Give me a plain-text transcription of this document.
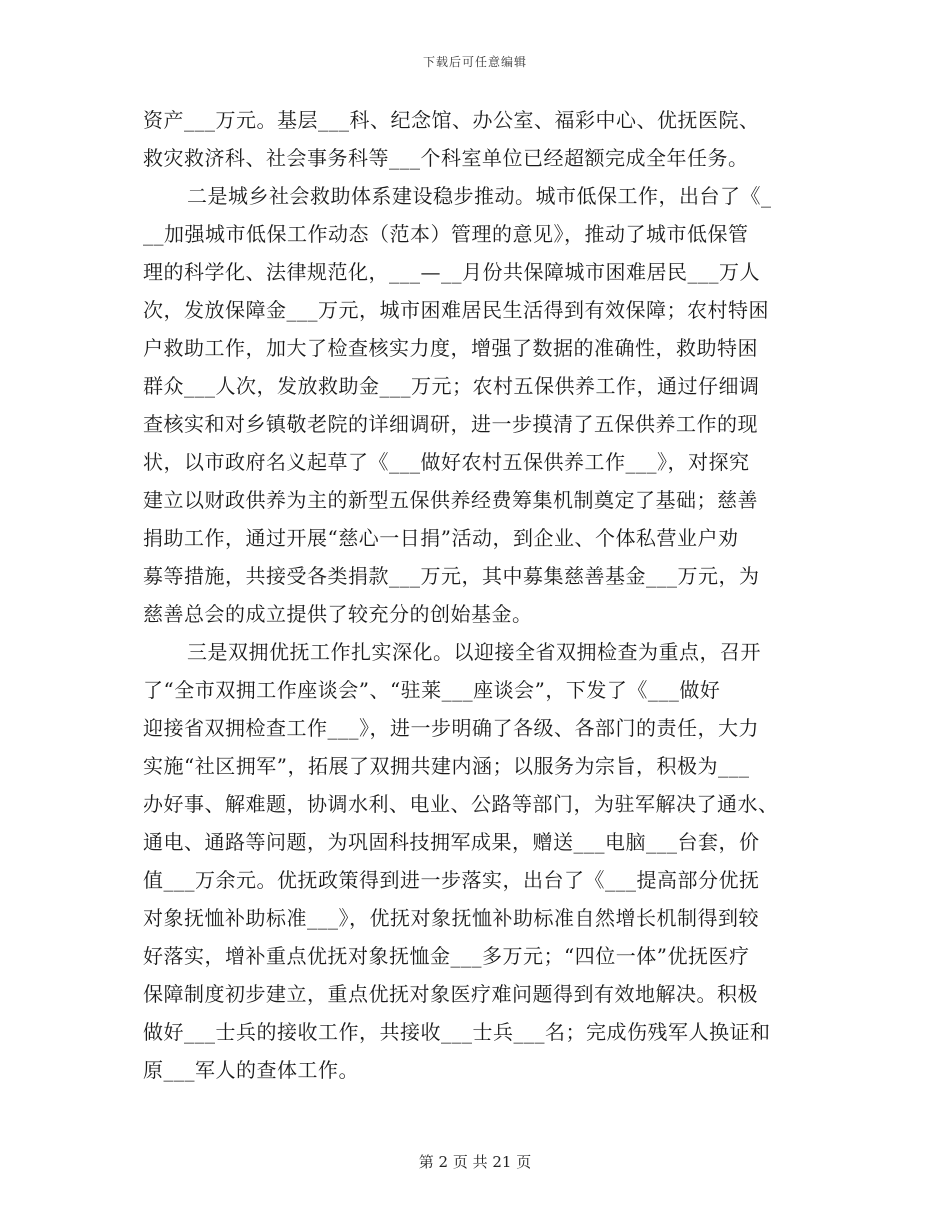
下载后可任意编辑
资产___万元。基层___科、纪念馆、办公室、福彩中心、优抚医院、
救灾救济科、社会事务科等___个科室单位已经超额完成全年任务。
二是城乡社会救助体系建设稳步推动。城市低保工作，出台了《_
__加强城市低保工作动态（范本）管理的意见》，推动了城市低保管
理的科学化、法律规范化，___—__月份共保障城市困难居民___万人
次，发放保障金___万元，城市困难居民生活得到有效保障；农村特困
户救助工作，加大了检查核实力度，增强了数据的准确性，救助特困
群众___人次，发放救助金___万元；农村五保供养工作，通过仔细调
查核实和对乡镇敬老院的详细调研，进一步摸清了五保供养工作的现
状，以市政府名义起草了《___做好农村五保供养工作___》，对探究
建立以财政供养为主的新型五保供养经费筹集机制奠定了基础；慈善
捐助工作，通过开展“慈心一日捐”活动，到企业、个体私营业户劝
募等措施，共接受各类捐款___万元，其中募集慈善基金___万元，为
慈善总会的成立提供了较充分的创始基金。
三是双拥优抚工作扎实深化。以迎接全省双拥检查为重点，召开
了“全市双拥工作座谈会”、“驻莱___座谈会”，下发了《___做好
迎接省双拥检查工作___》，进一步明确了各级、各部门的责任，大力
实施“社区拥军”，拓展了双拥共建内涵；以服务为宗旨，积极为___
办好事、解难题，协调水利、电业、公路等部门，为驻军解决了通水、
通电、通路等问题，为巩固科技拥军成果，赠送___电脑___台套，价
值___万余元。优抚政策得到进一步落实，出台了《___提高部分优抚
对象抚恤补助标准___》，优抚对象抚恤补助标准自然增长机制得到较
好落实，增补重点优抚对象抚恤金___多万元；“四位一体”优抚医疗
保障制度初步建立，重点优抚对象医疗难问题得到有效地解决。积极
做好___士兵的接收工作，共接收___士兵___名；完成伤残军人换证和
原___军人的查体工作。
第 2 页 共 21 页
